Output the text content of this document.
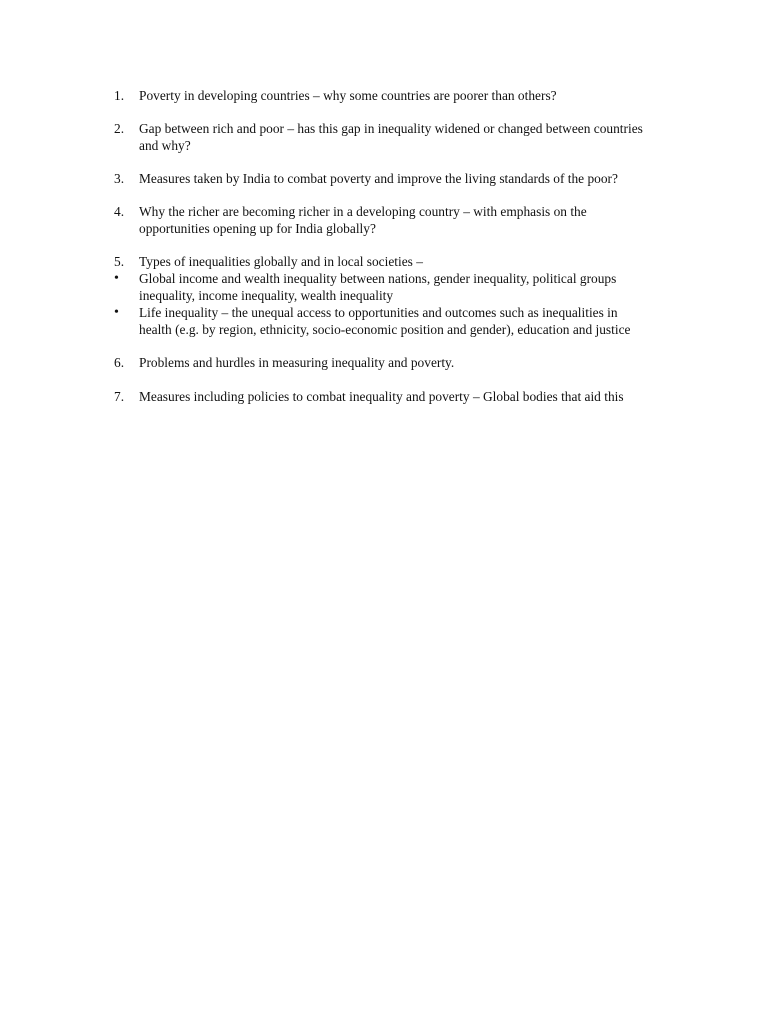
1.	Poverty in developing countries – why some countries are poorer than others?
2.	Gap between rich and poor – has this gap in inequality widened or changed between countries
and why?
3.	Measures taken by India to combat poverty and improve the living standards of the poor?
4.	Why the richer are becoming richer in a developing country – with emphasis on the
opportunities opening up for India globally?
5.	Types of inequalities globally and in local societies –
•	Global income and wealth inequality between nations, gender inequality, political groups
inequality, income inequality, wealth inequality
•	Life inequality – the unequal access to opportunities and outcomes such as inequalities in
health (e.g. by region, ethnicity, socio-economic position and gender), education and justice
6.	Problems and hurdles in measuring inequality and poverty.
7.	Measures including policies to combat inequality and poverty – Global bodies that aid this
